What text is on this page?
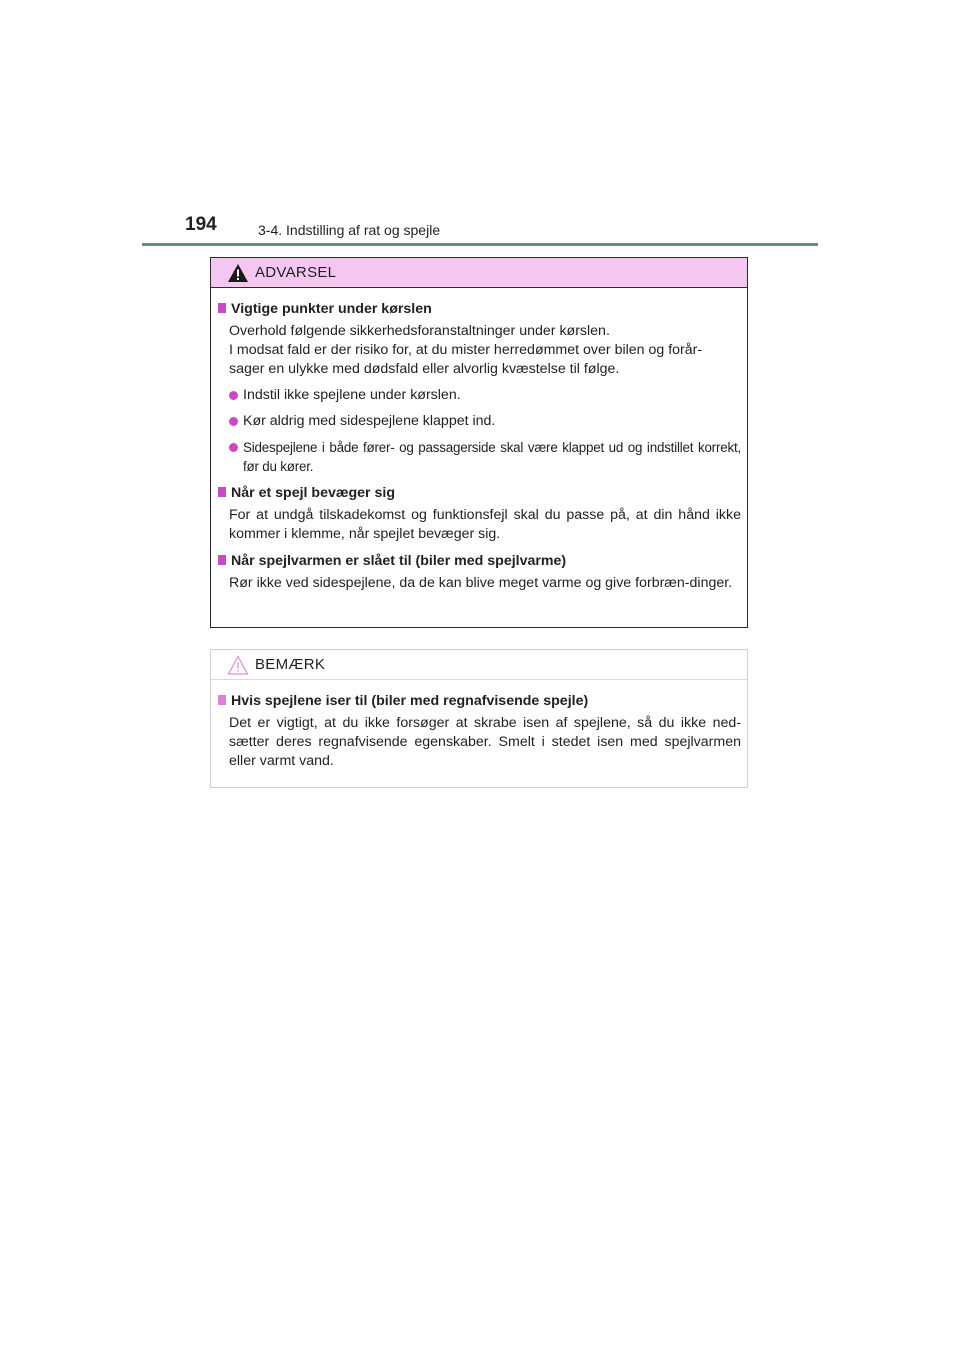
194	3-4. Indstilling af rat og spejle
ADVARSEL
Vigtige punkter under kørslen
Overhold følgende sikkerhedsforanstaltninger under kørslen.
I modsat fald er der risiko for, at du mister herredømmet over bilen og forår-
sager en ulykke med dødsfald eller alvorlig kvæstelse til følge.
Indstil ikke spejlene under kørslen.
Kør aldrig med sidespejlene klappet ind.
Sidespejlene i både fører- og passagerside skal være klappet ud og indstillet korrekt, før du kører.
Når et spejl bevæger sig
For at undgå tilskadekomst og funktionsfejl skal du passe på, at din hånd ikke kommer i klemme, når spejlet bevæger sig.
Når spejlvarmen er slået til (biler med spejlvarme)
Rør ikke ved sidespejlene, da de kan blive meget varme og give forbræn-dinger.
BEMÆRK
Hvis spejlene iser til (biler med regnafvisende spejle)
Det er vigtigt, at du ikke forsøger at skrabe isen af spejlene, så du ikke ned-sætter deres regnafvisende egenskaber. Smelt i stedet isen med spejlvarmen eller varmt vand.
